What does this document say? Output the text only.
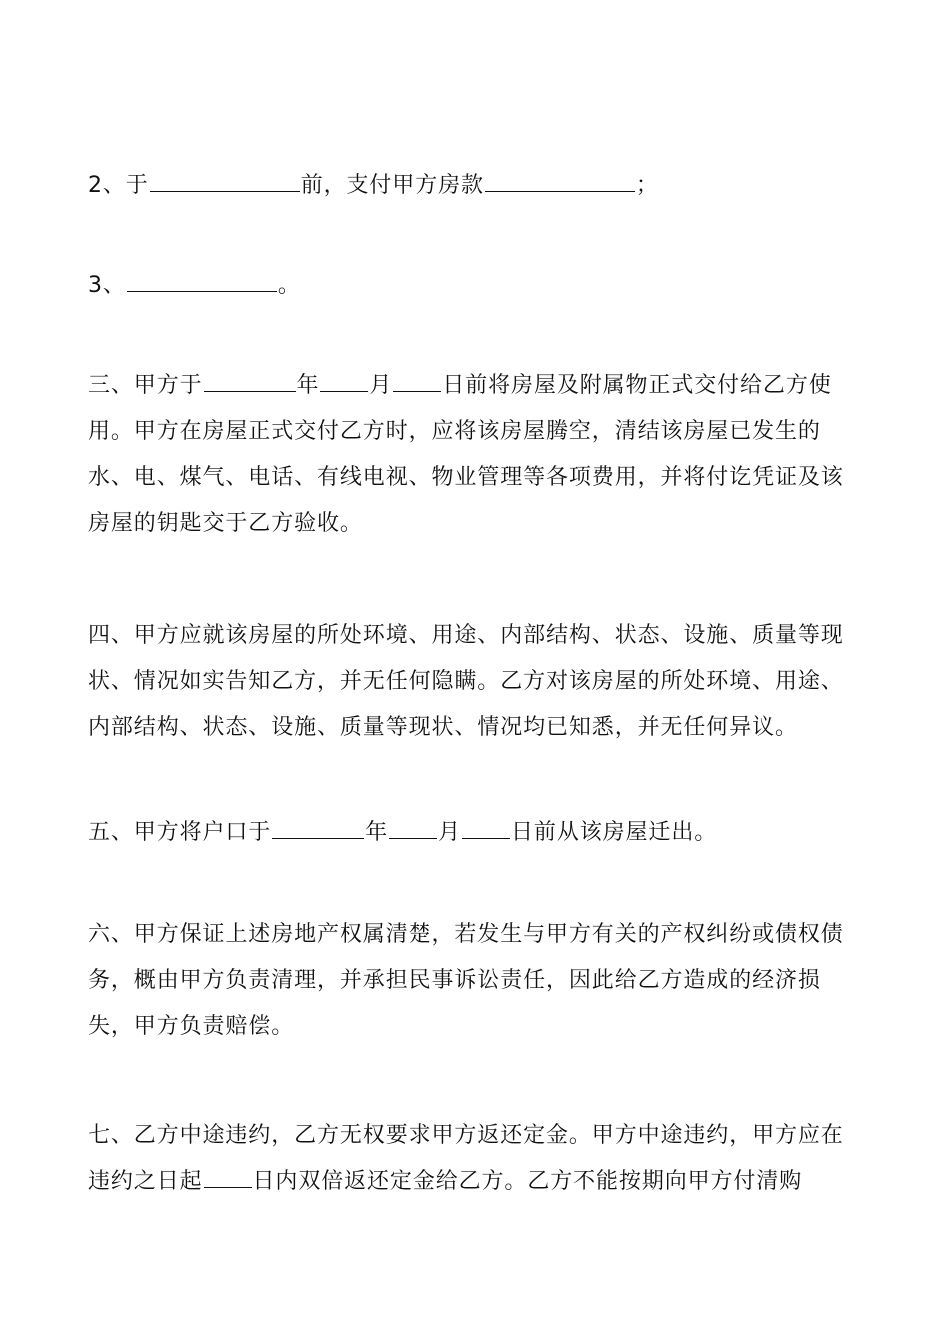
2、于	前，支付甲方房款	；

3、	。

三、甲方于	年 月 日前将房屋及附属物正式交付给乙方使用。甲方在房屋正式交付乙方时，应将该房屋腾空，清结该房屋已发生的水、电、煤气、电话、有线电视、物业管理等各项费用，并将付讫凭证及该房屋的钥匙交于乙方验收。

四、甲方应就该房屋的所处环境、用途、内部结构、状态、设施、质量等现状、情况如实告知乙方，并无任何隐瞒。乙方对该房屋的所处环境、用途、内部结构、状态、设施、质量等现状、情况均已知悉，并无任何异议。

五、甲方将户口于	年 月 日前从该房屋迁出。

六、甲方保证上述房地产权属清楚，若发生与甲方有关的产权纠纷或债权债务，概由甲方负责清理，并承担民事诉讼责任，因此给乙方造成的经济损失，甲方负责赔偿。

七、乙方中途违约，乙方无权要求甲方返还定金。甲方中途违约，甲方应在违约之日起 日内双倍返还定金给乙方。乙方不能按期向甲方付清购
